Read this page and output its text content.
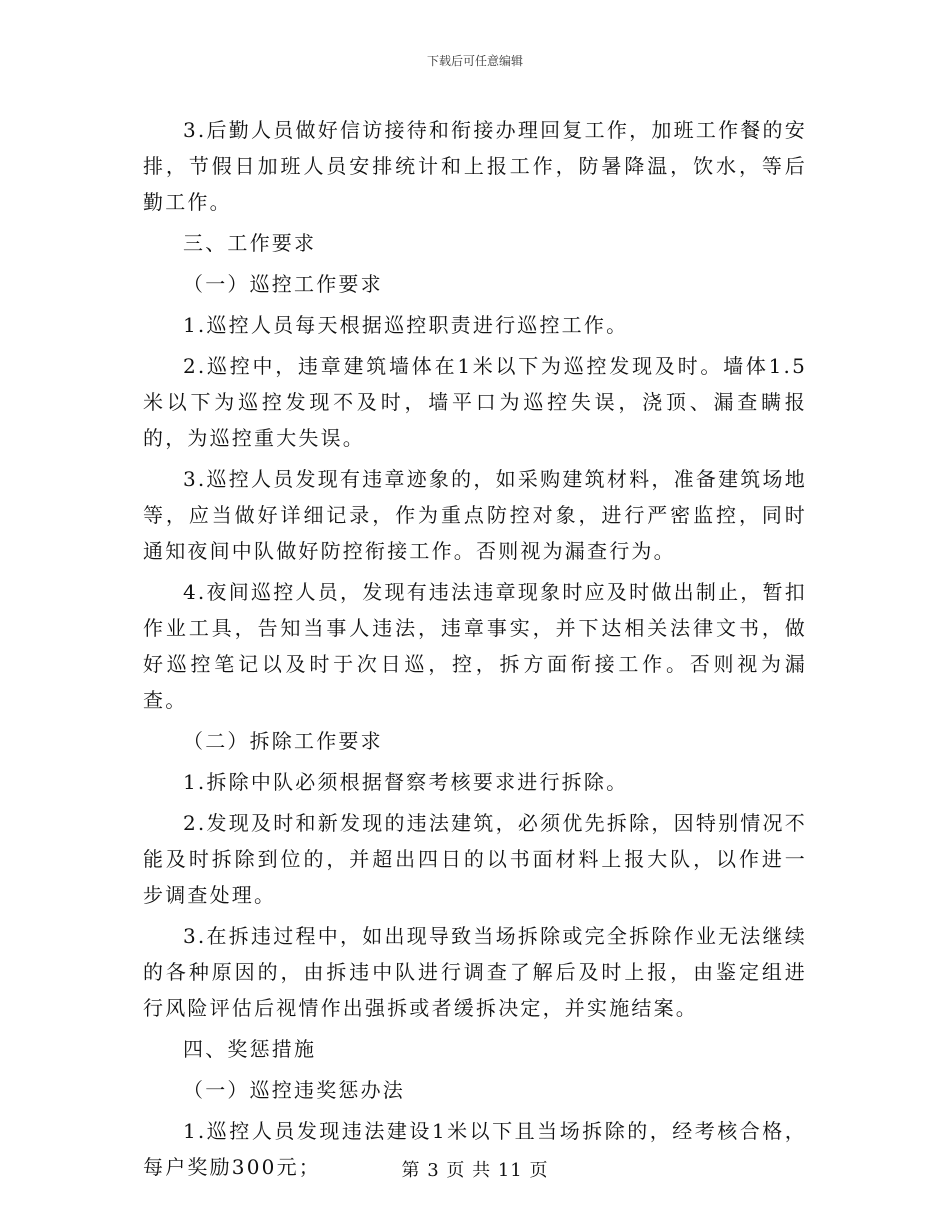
下载后可任意编辑

3.后勤人员做好信访接待和衔接办理回复工作，加班工作餐的安排，节假日加班人员安排统计和上报工作，防暑降温，饮水，等后勤工作。

三、工作要求

（一）巡控工作要求

1.巡控人员每天根据巡控职责进行巡控工作。

2.巡控中，违章建筑墙体在1米以下为巡控发现及时。墙体1.5米以下为巡控发现不及时，墙平口为巡控失误，浇顶、漏查瞒报的，为巡控重大失误。

3.巡控人员发现有违章迹象的，如采购建筑材料，准备建筑场地等，应当做好详细记录，作为重点防控对象，进行严密监控，同时通知夜间中队做好防控衔接工作。否则视为漏查行为。

4.夜间巡控人员，发现有违法违章现象时应及时做出制止，暂扣作业工具，告知当事人违法，违章事实，并下达相关法律文书，做好巡控笔记以及时于次日巡，控，拆方面衔接工作。否则视为漏查。

（二）拆除工作要求

1.拆除中队必须根据督察考核要求进行拆除。

2.发现及时和新发现的违法建筑，必须优先拆除，因特别情况不能及时拆除到位的，并超出四日的以书面材料上报大队，以作进一步调查处理。

3.在拆违过程中，如出现导致当场拆除或完全拆除作业无法继续的各种原因的，由拆违中队进行调查了解后及时上报，由鉴定组进行风险评估后视情作出强拆或者缓拆决定，并实施结案。

四、奖惩措施

（一）巡控违奖惩办法

1.巡控人员发现违法建设1米以下且当场拆除的，经考核合格，每户奖励300元；	第 3 页 共 11 页
